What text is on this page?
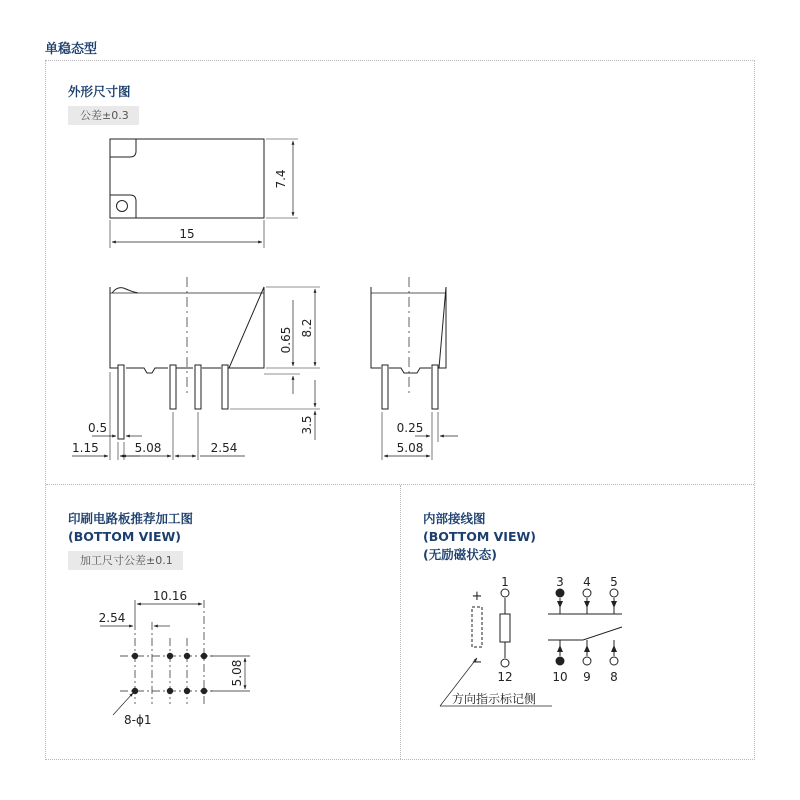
单稳态型
外形尺寸图
公差±0.3
印刷电路板推荐加工图
(BOTTOM VIEW)
加工尺寸公差±0.1
内部接线图
(BOTTOM VIEW)
(无励磁状态)
7.4
15
0.65 8.2
3.5
0.5
1.15	5.08	2.54
0.25
5.08
10.16
2.54
5.08
8-ϕ1
+
−
1	3 4 5
12	10 9 8
方向指示标记侧
